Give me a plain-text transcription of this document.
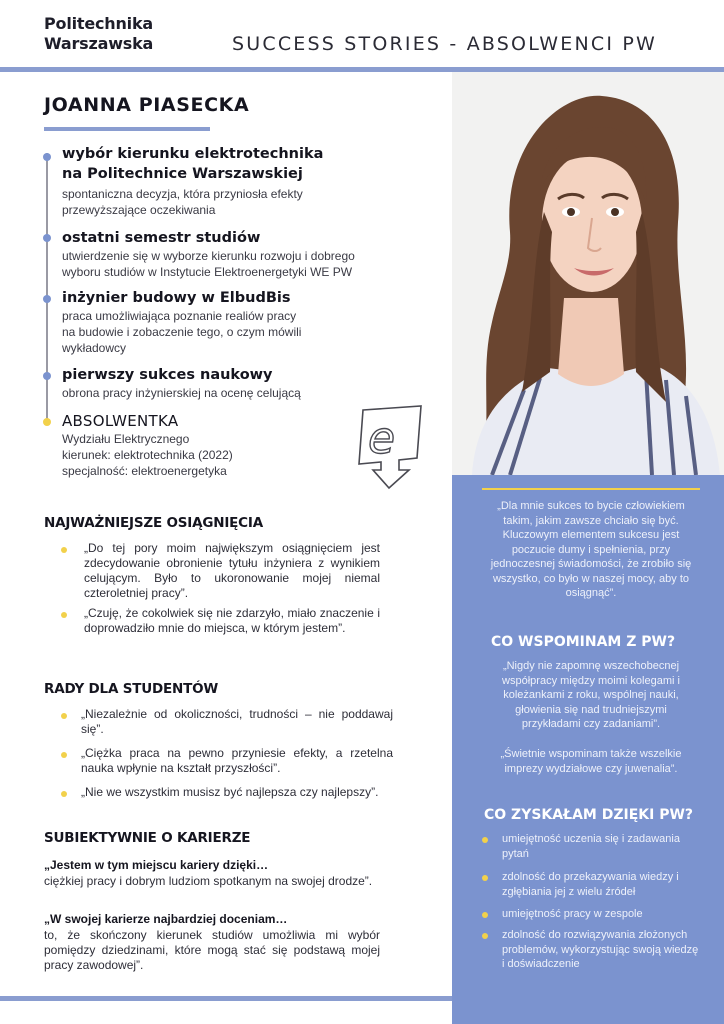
Politechnika
Warszawska	SUCCESS STORIES - ABSOLWENCI PW
JOANNA PIASECKA
wybór kierunku elektrotechnika
na Politechnice Warszawskiej
spontaniczna decyzja, która przyniosła efekty
przewyższające oczekiwania
ostatni semestr studiów
utwierdzenie się w wyborze kierunku rozwoju i dobrego
wyboru studiów w Instytucie Elektroenergetyki WE PW
inżynier budowy w ElbudBis
praca umożliwiająca poznanie realiów pracy
na budowie i zobaczenie tego, o czym mówili
wykładowcy
pierwszy sukces naukowy
obrona pracy inżynierskiej na ocenę celującą
ABSOLWENTKA
Wydziału Elektrycznego
kierunek: elektrotechnika (2022)
specjalność: elektroenergetyka
e
NAJWAŻNIEJSZE OSIĄGNIĘCIA
„Do tej pory moim największym osiągnięciem jest zdecydowanie obronienie tytułu inżyniera z wynikiem celującym. Było to ukoronowanie mojej niemal czteroletniej pracy”.
„Czuję, że cokolwiek się nie zdarzyło, miało znaczenie i doprowadziło mnie do miejsca, w którym jestem”.
RADY DLA STUDENTÓW
„Niezależnie od okoliczności, trudności – nie poddawaj się”.
„Ciężka praca na pewno przyniesie efekty, a rzetelna nauka wpłynie na kształt przyszłości”.
„Nie we wszystkim musisz być najlepsza czy najlepszy”.
SUBIEKTYWNIE O KARIERZE
„Jestem w tym miejscu kariery dzięki…
ciężkiej pracy i dobrym ludziom spotkanym na swojej drodze”.
„W swojej karierze najbardziej doceniam…
to, że skończony kierunek studiów umożliwia mi wybór pomiędzy dziedzinami, które mogą stać się podstawą mojej pracy zawodowej”.
„Dla mnie sukces to bycie człowiekiem takim, jakim zawsze chciało się być. Kluczowym elementem sukcesu jest poczucie dumy i spełnienia, przy jednoczesnej świadomości, że zrobiło się wszystko, co było w naszej mocy, aby to osiągnąć”.
CO WSPOMINAM Z PW?
„Nigdy nie zapomnę wszechobecnej współpracy między moimi kolegami i koleżankami z roku, wspólnej nauki, głowienia się nad trudniejszymi przykładami czy zadaniami”.
„Świetnie wspominam także wszelkie imprezy wydziałowe czy juwenalia”.
CO ZYSKAŁAM DZIĘKI PW?
umiejętność uczenia się i zadawania pytań
zdolność do przekazywania wiedzy i zgłębiania jej z wielu źródeł
umiejętność pracy w zespole
zdolność do rozwiązywania złożonych problemów, wykorzystując swoją wiedzę i doświadczenie
